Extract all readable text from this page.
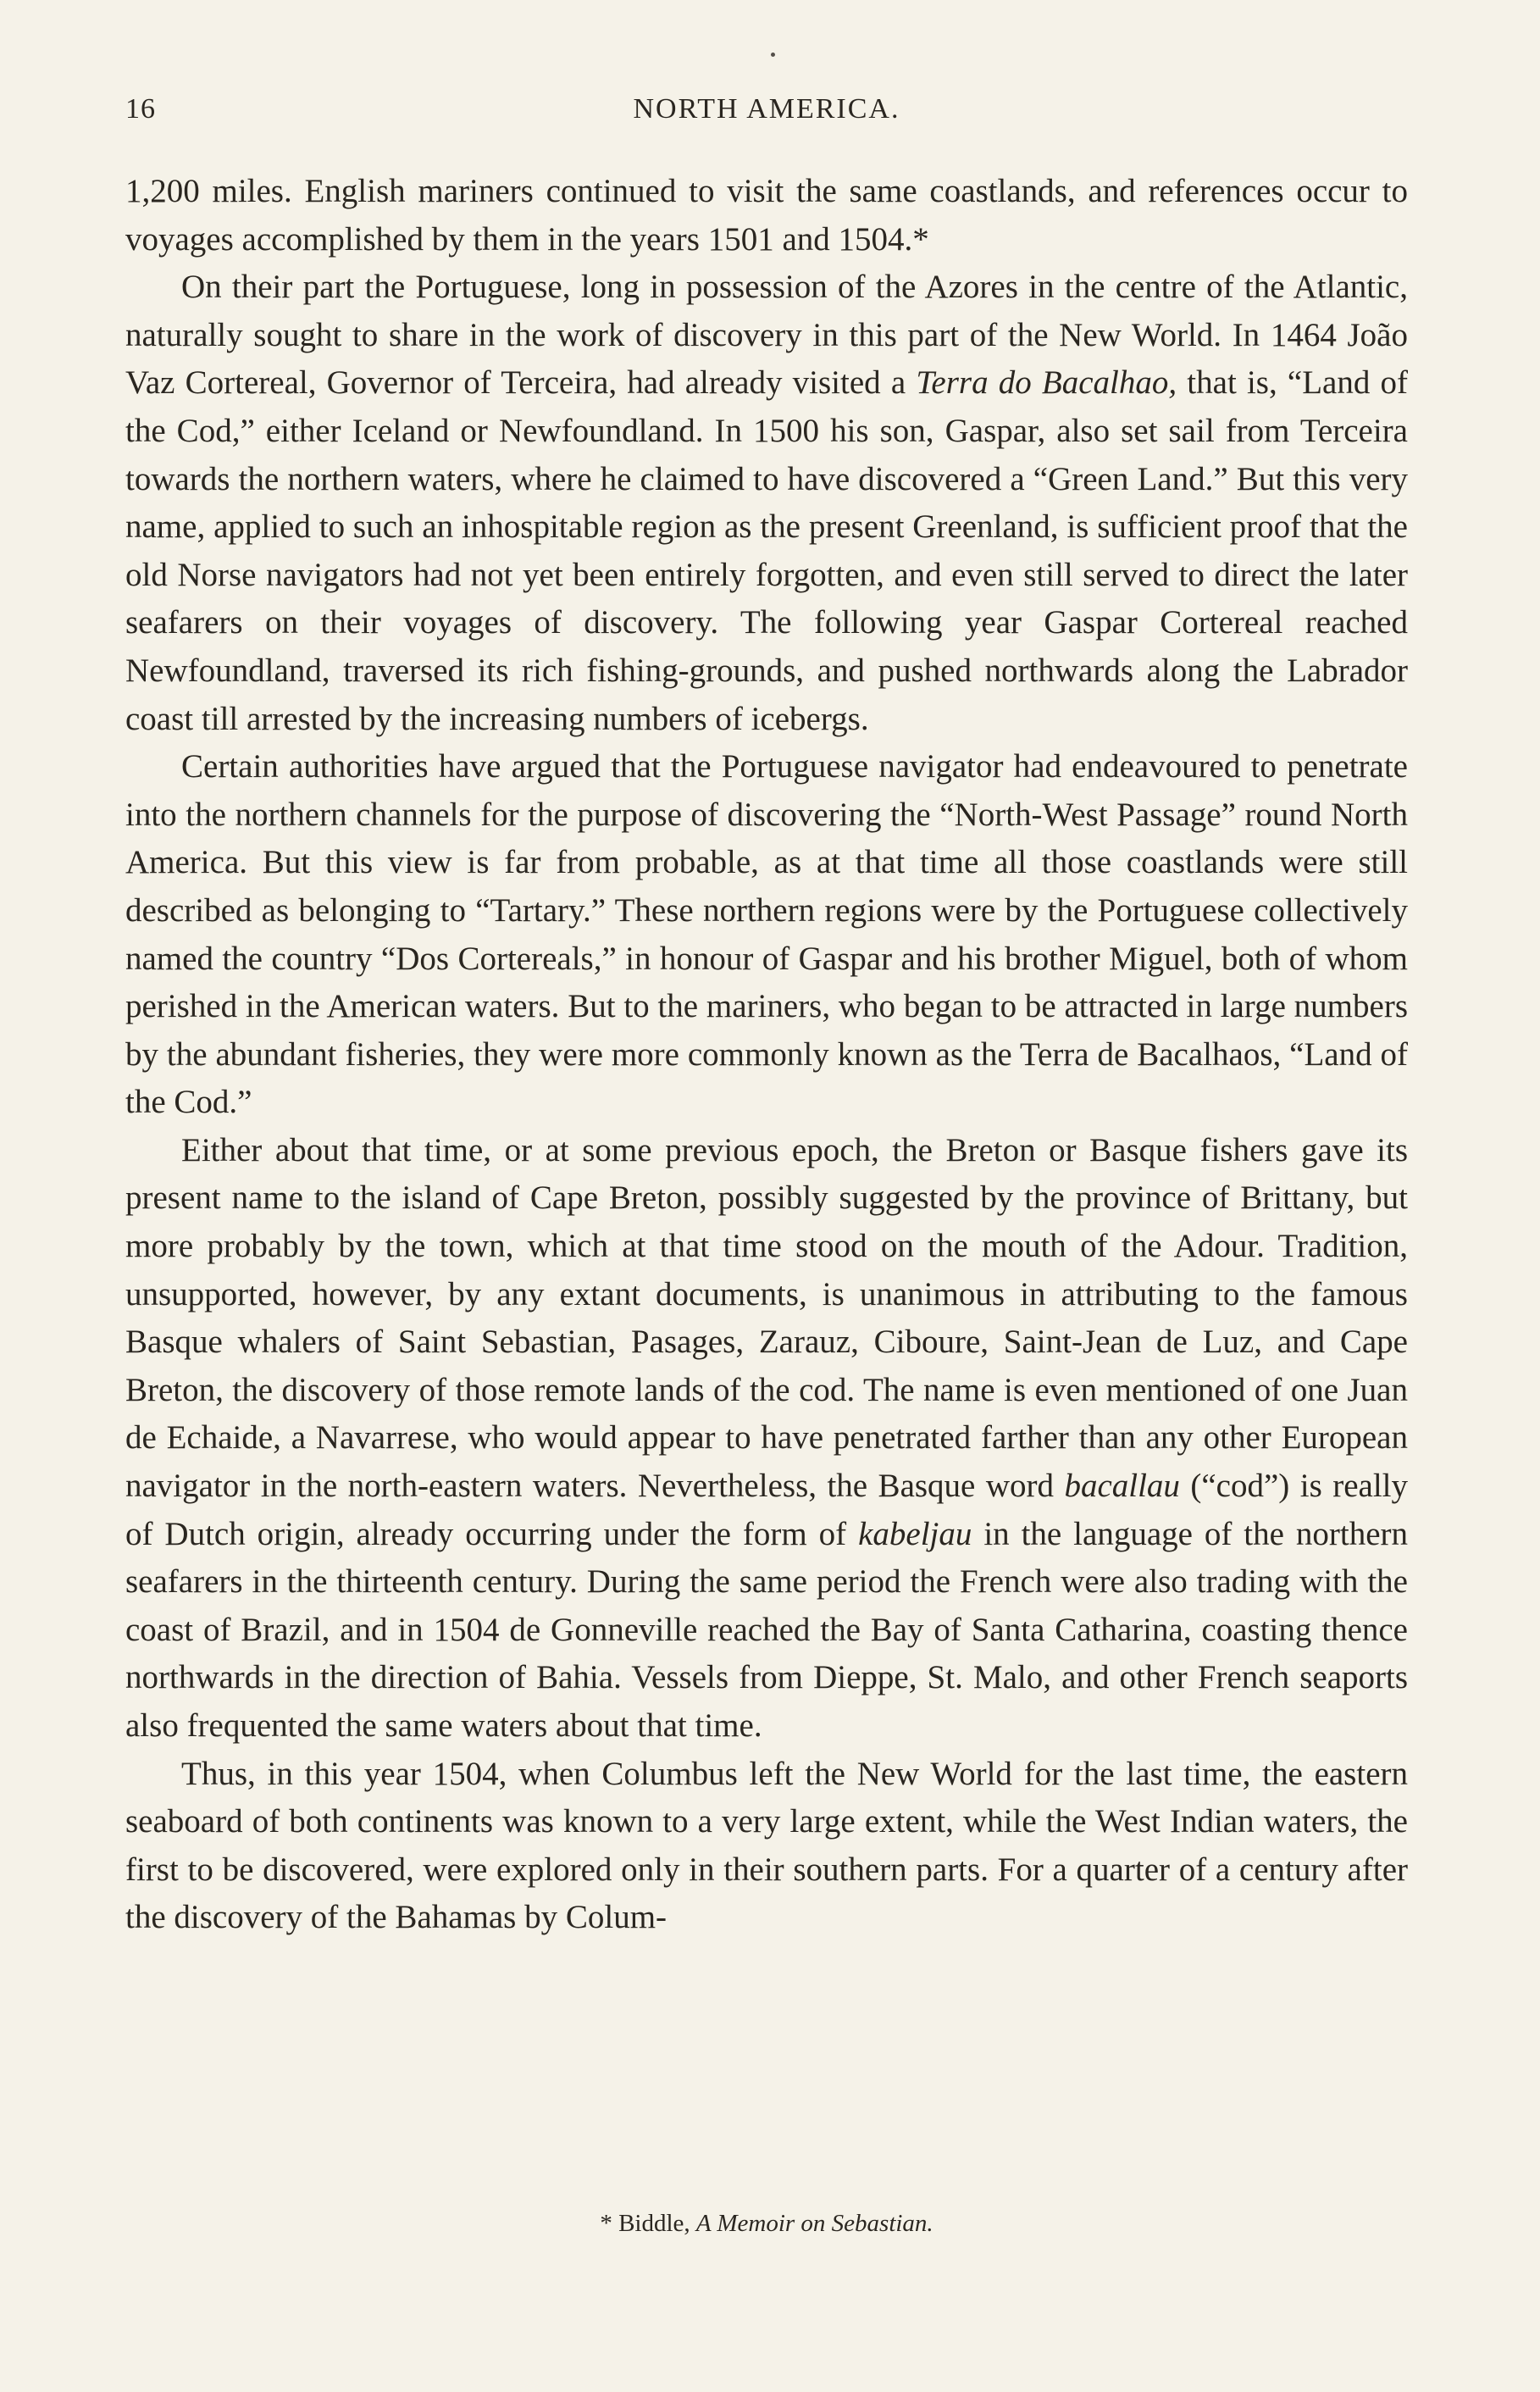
16	NORTH AMERICA.

1,200 miles. English mariners continued to visit the same coastlands, and references occur to voyages accomplished by them in the years 1501 and 1504.*

On their part the Portuguese, long in possession of the Azores in the centre of the Atlantic, naturally sought to share in the work of discovery in this part of the New World. In 1464 João Vaz Cortereal, Governor of Terceira, had already visited a Terra do Bacalhao, that is, “Land of the Cod,” either Iceland or Newfoundland. In 1500 his son, Gaspar, also set sail from Terceira towards the northern waters, where he claimed to have discovered a “Green Land.” But this very name, applied to such an inhospitable region as the present Greenland, is sufficient proof that the old Norse navigators had not yet been entirely forgotten, and even still served to direct the later seafarers on their voyages of discovery. The following year Gaspar Cortereal reached Newfoundland, traversed its rich fishing-grounds, and pushed northwards along the Labrador coast till arrested by the increasing numbers of icebergs.

Certain authorities have argued that the Portuguese navigator had endeavoured to penetrate into the northern channels for the purpose of discovering the “North-West Passage” round North America. But this view is far from probable, as at that time all those coastlands were still described as belonging to “Tartary.” These northern regions were by the Portuguese collectively named the country “Dos Cortereals,” in honour of Gaspar and his brother Miguel, both of whom perished in the American waters. But to the mariners, who began to be attracted in large numbers by the abundant fisheries, they were more commonly known as the Terra de Bacalhaos, “Land of the Cod.”

Either about that time, or at some previous epoch, the Breton or Basque fishers gave its present name to the island of Cape Breton, possibly suggested by the province of Brittany, but more probably by the town, which at that time stood on the mouth of the Adour. Tradition, unsupported, however, by any extant documents, is unanimous in attributing to the famous Basque whalers of Saint Sebastian, Pasages, Zarauz, Ciboure, Saint-Jean de Luz, and Cape Breton, the discovery of those remote lands of the cod. The name is even mentioned of one Juan de Echaide, a Navarrese, who would appear to have penetrated farther than any other European navigator in the north-eastern waters. Nevertheless, the Basque word bacallau (“cod”) is really of Dutch origin, already occurring under the form of kabeljau in the language of the northern seafarers in the thirteenth century. During the same period the French were also trading with the coast of Brazil, and in 1504 de Gonneville reached the Bay of Santa Catharina, coasting thence northwards in the direction of Bahia. Vessels from Dieppe, St. Malo, and other French seaports also frequented the same waters about that time.

Thus, in this year 1504, when Columbus left the New World for the last time, the eastern seaboard of both continents was known to a very large extent, while the West Indian waters, the first to be discovered, were explored only in their southern parts. For a quarter of a century after the discovery of the Bahamas by Colum-

* Biddle, A Memoir on Sebastian.
